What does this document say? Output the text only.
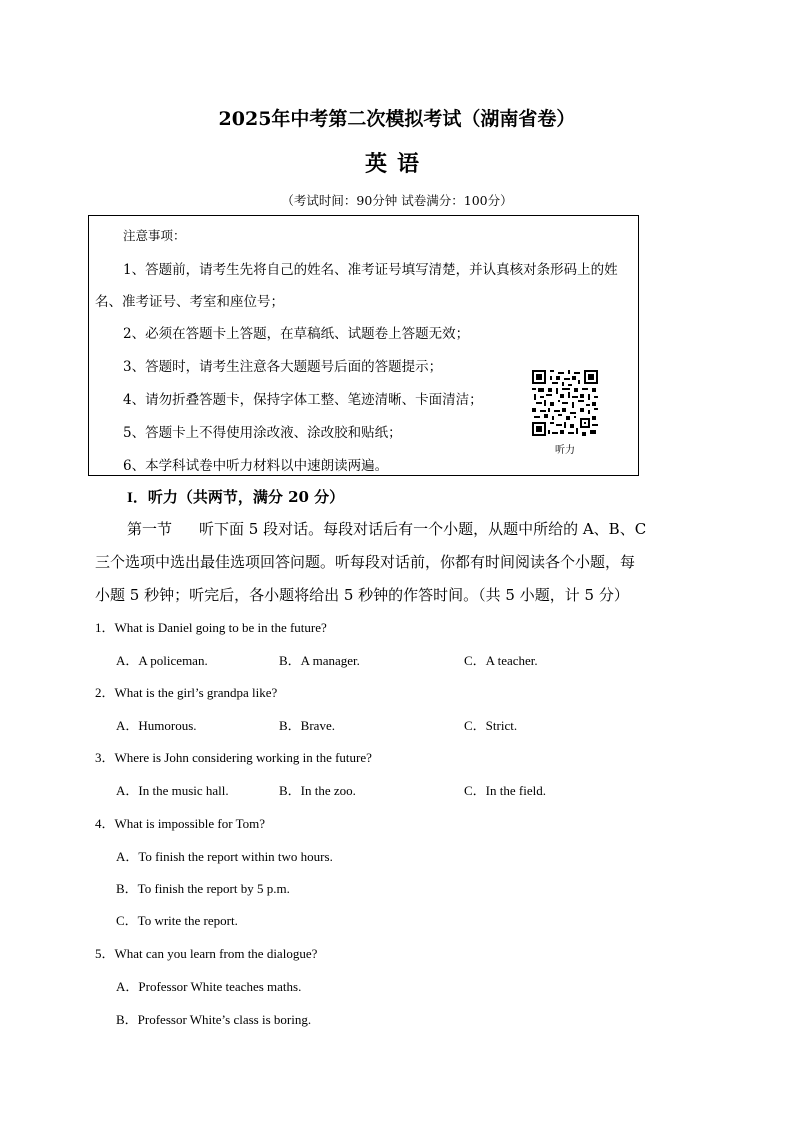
2025年中考第二次模拟考试（湖南省卷）
英语
（考试时间：90分钟 试卷满分：100分）
注意事项：
1、答题前，请考生先将自己的姓名、准考证号填写清楚，并认真核对条形码上的姓
名、准考证号、考室和座位号；
2、必须在答题卡上答题，在草稿纸、试题卷上答题无效；
3、答题时，请考生注意各大题题号后面的答题提示；
4、请勿折叠答题卡，保持字体工整、笔迹清晰、卡面清洁；
5、答题卡上不得使用涂改液、涂改胶和贴纸；
6、本学科试卷中听力材料以中速朗读两遍。
听力
I．听力（共两节，满分 20 分）
第一节 听下面 5 段对话。每段对话后有一个小题，从题中所给的 A、B、C
三个选项中选出最佳选项回答问题。听每段对话前，你都有时间阅读各个小题，每
小题 5 秒钟；听完后，各小题将给出 5 秒钟的作答时间。（共 5 小题，计 5 分）
1．What is Daniel going to be in the future?
A．A policeman.	B．A manager.	C．A teacher.
2．What is the girl’s grandpa like?
A．Humorous.	B．Brave.	C．Strict.
3．Where is John considering working in the future?
A．In the music hall.	B．In the zoo.	C．In the field.
4．What is impossible for Tom?
A．To finish the report within two hours.
B．To finish the report by 5 p.m.
C．To write the report.
5．What can you learn from the dialogue?
A．Professor White teaches maths.
B．Professor White’s class is boring.
